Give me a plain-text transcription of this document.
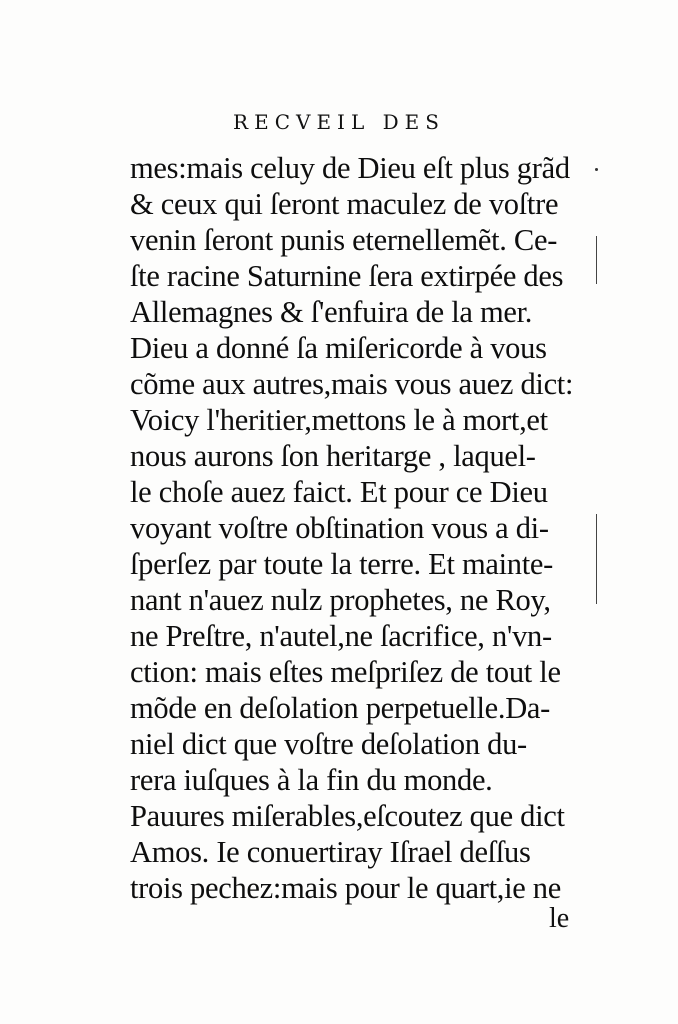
RECVEIL DES
mes:mais celuy de Dieu eſt plus grãd
& ceux qui ſeront maculez de voſtre
venin ſeront punis eternellemẽt. Ce-
ſte racine Saturnine ſera extirpée des
Allemagnes & ſ'enfuira de la mer.
Dieu a donné ſa miſericorde à vous
cõme aux autres,mais vous auez dict:
Voicy l'heritier,mettons le à mort,et
nous aurons ſon heritarge , laquel-
le choſe auez faict. Et pour ce Dieu
voyant voſtre obſtination vous a di-
ſperſez par toute la terre. Et mainte-
nant n'auez nulz prophetes, ne Roy,
ne Preſtre, n'autel,ne ſacrifice, n'vn-
ction: mais eſtes meſpriſez de tout le
mõde en deſolation perpetuelle.Da-
niel dict que voſtre deſolation du-
rera iuſques à la fin du monde.
Pauures miſerables,eſcoutez que dict
Amos. Ie conuertiray Iſrael deſſus
trois pechez:mais pour le quart,ie ne
le
